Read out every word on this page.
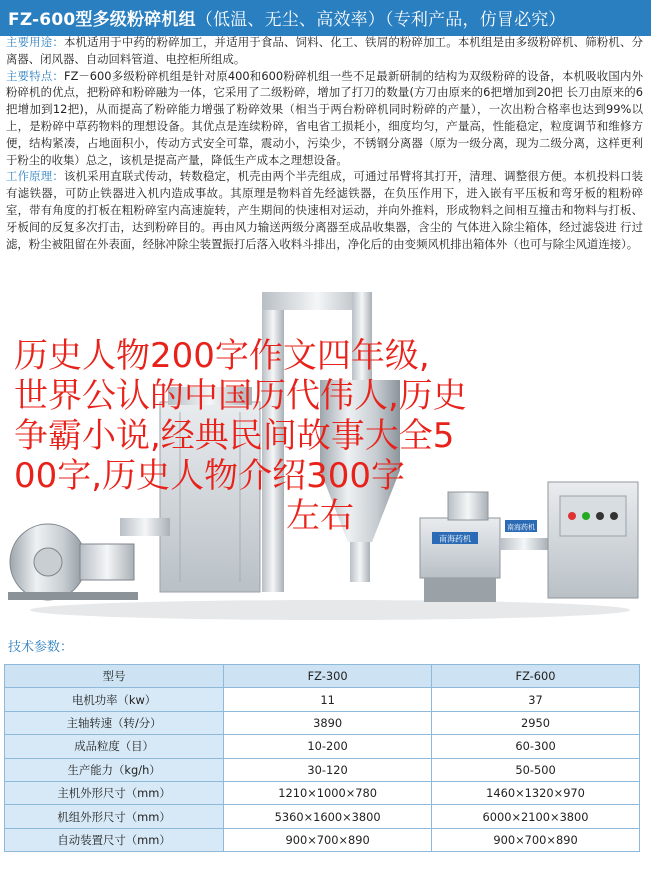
FZ-600型多级粉碎机组（低温、无尘、高效率）（专利产品，仿冒必究）

主要用途：本机适用于中药的粉碎加工，并适用于食品、饲料、化工、铁屑的粉碎加工。本机组是由多级粉碎机、筛粉机、分离器、闭风器、自动回料管道、电控柜所组成。

主要特点：FZ－600多级粉碎机组是针对原400和600粉碎机组一些不足最新研制的结构为双级粉碎的设备，本机吸收国内外粉碎机的优点，把粉碎和粉碎融为一体，它采用了二级粉碎，增加了打刀的数量(方刀由原来的6把增加到20把 长刀由原来的6把增加到12把)，从而提高了粉碎能力增强了粉碎效果（相当于两台粉碎机同时粉碎的产量），一次出粉合格率也达到99%以上，是粉碎中草药物料的理想设备。其优点是连续粉碎，省电省工损耗小，细度均匀，产量高，性能稳定，粒度调节和维修方便，结构紧凑，占地面积小，传动方式安全可靠，震动小，污染少，不锈钢分离器（原为一级分离，现为二级分离，这样更利于粉尘的收集）总之，该机是提高产量，降低生产成本之理想设备。

工作原理：该机采用直联式传动，转数稳定，机壳由两个半壳组成，可通过吊臂将其打开，清理、调整很方便。本机投料口装有滤铁器，可防止铁器进入机内造成事故。其原理是物料首先经滤铁器，在负压作用下，进入嵌有平压板和弯牙板的粗粉碎室，带有角度的打板在粗粉碎室内高速旋转，产生期间的快速相对运动，并向外推料，形成物料之间相互撞击和物料与打板、牙板间的反复多次打击，达到粉碎目的。再由风力输送两级分离器至成品收集器，含尘的 气体进入除尘箱体，经过滤袋进 行过滤，粉尘被阻留在外表面，经脉冲除尘装置振打后落入收料斗排出，净化后的由变频风机排出箱体外（也可与除尘风道连接）。

南海药机
南海药机
历史人物200字作文四年级,
世界公认的中国历代伟人,历史
争霸小说,经典民间故事大全5
00字,历史人物介绍300字
左右
技术参数：
型号	FZ-300	FZ-600
电机功率（kw）	11	37
主轴转速（转/分）	3890	2950
成品粒度（目）	10-200	60-300
生产能力（kg/h）	30-120	50-500
主机外形尺寸（mm）	1210×1000×780	1460×1320×970
机组外形尺寸（mm）	5360×1600×3800	6000×2100×3800
自动装置尺寸（mm）	900×700×890	900×700×890
